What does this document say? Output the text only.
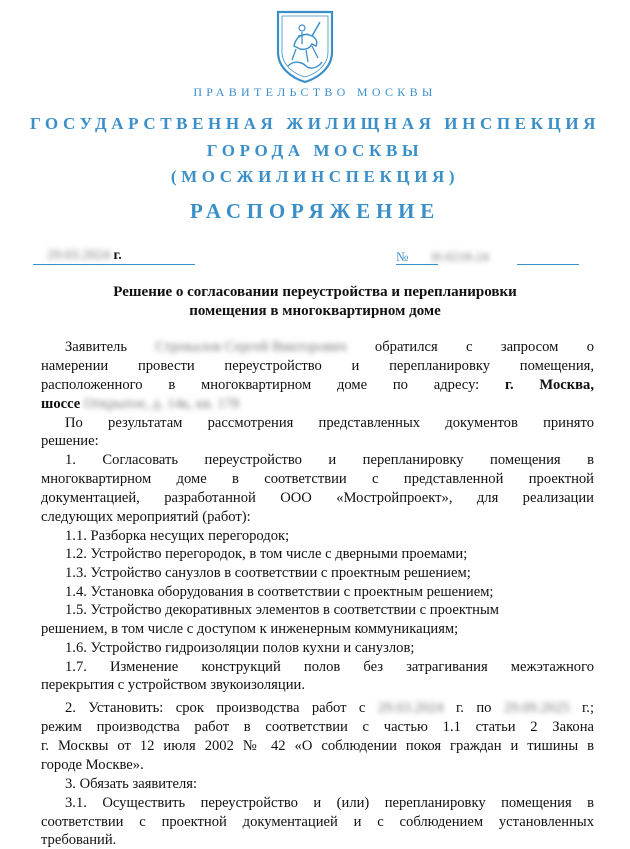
ПРАВИТЕЛЬСТВО МОСКВЫ
ГОСУДАРСТВЕННАЯ ЖИЛИЩНАЯ ИНСПЕКЦИЯ
ГОРОДА МОСКВЫ
(МОСЖИЛИНСПЕКЦИЯ)
РАСПОРЯЖЕНИЕ
29.03.2024 г.	№ Н-0218-24
Решение о согласовании переустройства и перепланировки
помещения в многоквартирном доме
Заявитель Строкалов Сергей Викторович обратился с запросом о
намерении провести переустройство и перепланировку помещения,
расположенного в многоквартирном доме по адресу: г. Москва,
шоссе Открытое, д. 14к, кв. 178
По результатам рассмотрения представленных документов принято
решение:
1. Согласовать переустройство и перепланировку помещения в
многоквартирном доме в соответствии с представленной проектной
документацией, разработанной ООО «Мостройпроект», для реализации
следующих мероприятий (работ):
1.1. Разборка несущих перегородок;
1.2. Устройство перегородок, в том числе с дверными проемами;
1.3. Устройство санузлов в соответствии с проектным решением;
1.4. Установка оборудования в соответствии с проектным решением;
1.5. Устройство декоративных элементов в соответствии с проектным
решением, в том числе с доступом к инженерным коммуникациям;
1.6. Устройство гидроизоляции полов кухни и санузлов;
1.7. Изменение конструкций полов без затрагивания межэтажного
перекрытия с устройством звукоизоляции.
2. Установить: срок производства работ с 29.03.2024 г. по 29.09.2025 г.;
режим производства работ в соответствии с частью 1.1 статьи 2 Закона
г. Москвы от 12 июля 2002 № 42 «О соблюдении покоя граждан и тишины в
городе Москве».
3. Обязать заявителя:
3.1. Осуществить переустройство и (или) перепланировку помещения в
соответствии с проектной документацией и с соблюдением установленных
требований.
